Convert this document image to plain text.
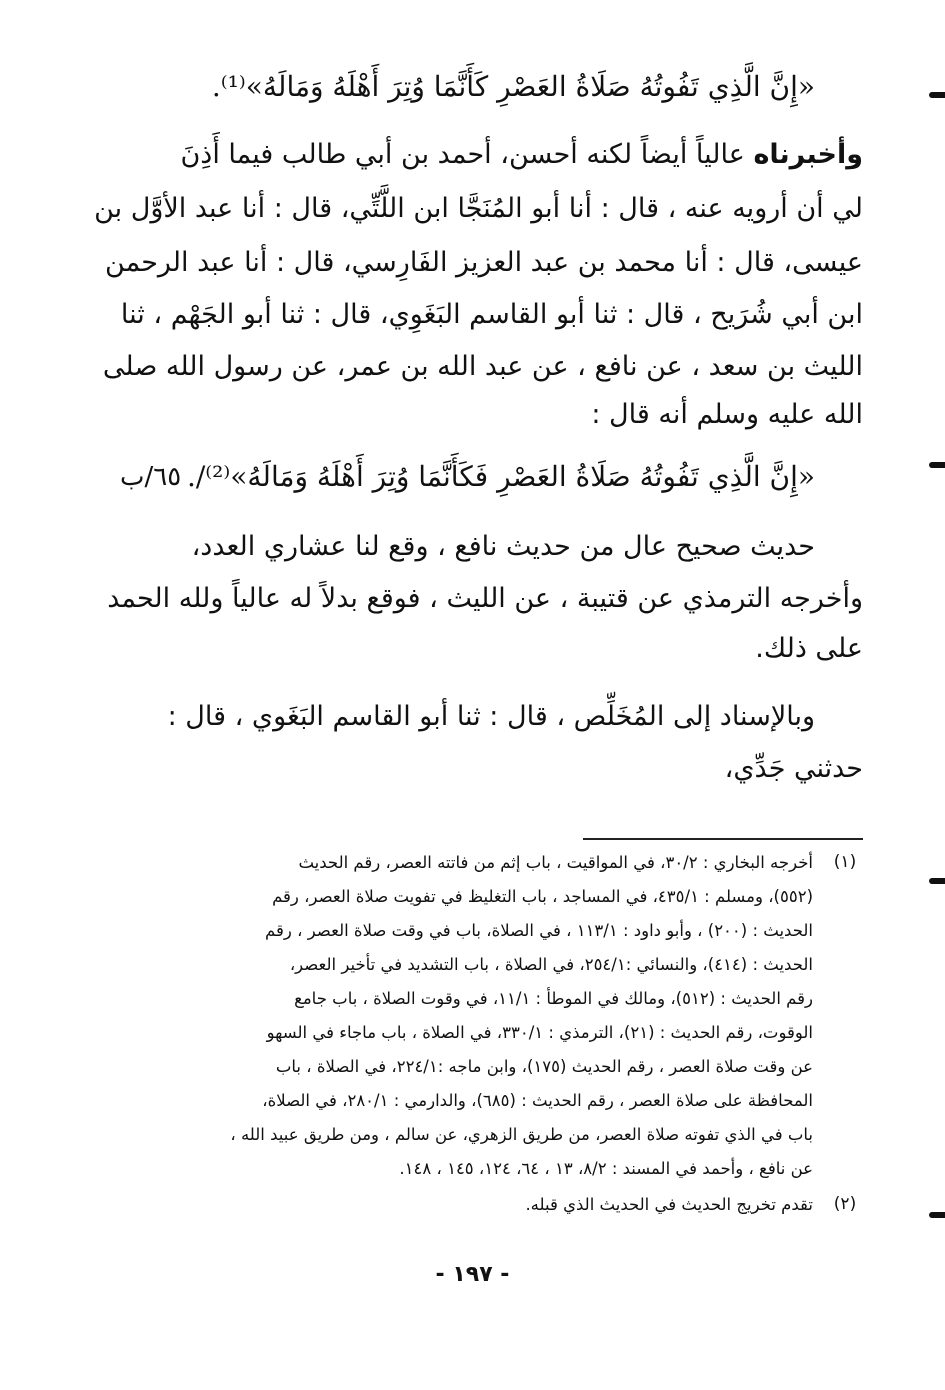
«إِنَّ الَّذِي تَفُوتُهُ صَلَاةُ العَصْرِ كَأَنَّمَا وُتِرَ أَهْلَهُ وَمَالَهُ»⁽¹⁾.
وأخبرناه عالياً أيضاً لكنه أحسن، أحمد بن أبي طالب فيما أَذِنَ
لي أن أرويه عنه ، قال : أنا أبو المُنَجَّا ابن اللَّتِّي، قال : أنا عبد الأوَّل بن
عيسى، قال : أنا محمد بن عبد العزيز الفَارِسي، قال : أنا عبد الرحمن
ابن أبي شُرَيح ، قال : ثنا أبو القاسم البَغَوِي، قال : ثنا أبو الجَهْم ، ثنا
الليث بن سعد ، عن نافع ، عن عبد الله بن عمر، عن رسول الله صلى
الله عليه وسلم أنه قال :
«إِنَّ الَّذِي تَفُوتُهُ صَلَاةُ العَصْرِ فَكَأَنَّمَا وُتِرَ أَهْلَهُ وَمَالَهُ»⁽²⁾/.
٦٥/ب
حديث صحيح عال من حديث نافع ، وقع لنا عشاري العدد،
وأخرجه الترمذي عن قتيبة ، عن الليث ، فوقع بدلاً له عالياً ولله الحمد
على ذلك.
وبالإسناد إلى المُخَلِّص ، قال : ثنا أبو القاسم البَغَوي ، قال :
حدثني جَدِّي،
(١)
أخرجه البخاري : ٣٠/٢، في المواقيت ، باب إثم من فاتته العصر، رقم الحديث
(٥٥٢)، ومسلم : ٤٣٥/١، في المساجد ، باب التغليظ في تفويت صلاة العصر، رقم
الحديث : (٢٠٠) ، وأبو داود : ١١٣/١ ، في الصلاة، باب في وقت صلاة العصر ، رقم
الحديث : (٤١٤)، والنسائي :٢٥٤/١، في الصلاة ، باب التشديد في تأخير العصر،
رقم الحديث : (٥١٢)، ومالك في الموطأ : ١١/١، في وقوت الصلاة ، باب جامع
الوقوت، رقم الحديث : (٢١)، الترمذي : ٣٣٠/١، في الصلاة ، باب ماجاء في السهو
عن وقت صلاة العصر ، رقم الحديث (١٧٥)، وابن ماجه :٢٢٤/١، في الصلاة ، باب
المحافظة على صلاة العصر ، رقم الحديث : (٦٨٥)، والدارمي : ٢٨٠/١، في الصلاة،
باب في الذي تفوته صلاة العصر، من طريق الزهري، عن سالم ، ومن طريق عبيد الله ،
عن نافع ، وأحمد في المسند : ٨/٢، ١٣ ، ٦٤، ١٢٤، ١٤٥ ، ١٤٨.
(٢)
تقدم تخريج الحديث في الحديث الذي قبله.
- ١٩٧ -
